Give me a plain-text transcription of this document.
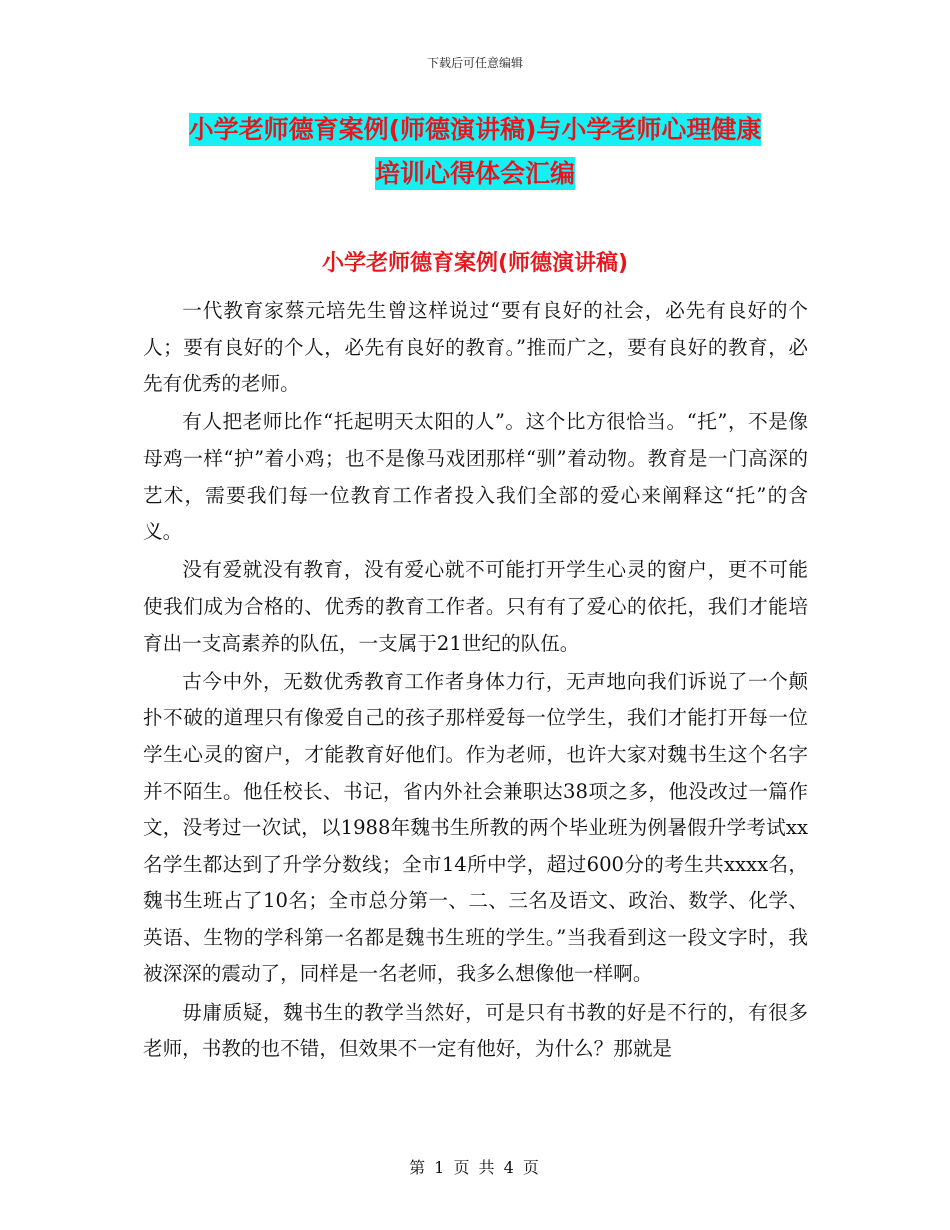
下载后可任意编辑
小学老师德育案例(师德演讲稿)与小学老师心理健康
培训心得体会汇编
小学老师德育案例(师德演讲稿)

一代教育家蔡元培先生曾这样说过“要有良好的社会，必先有良好的个人；要有良好的个人，必先有良好的教育。”推而广之，要有良好的教育，必先有优秀的老师。

有人把老师比作“托起明天太阳的人”。这个比方很恰当。“托”，不是像母鸡一样“护”着小鸡；也不是像马戏团那样“驯”着动物。教育是一门高深的艺术，需要我们每一位教育工作者投入我们全部的爱心来阐释这“托”的含义。

没有爱就没有教育，没有爱心就不可能打开学生心灵的窗户，更不可能使我们成为合格的、优秀的教育工作者。只有有了爱心的依托，我们才能培育出一支高素养的队伍，一支属于21世纪的队伍。

古今中外，无数优秀教育工作者身体力行，无声地向我们诉说了一个颠扑不破的道理只有像爱自己的孩子那样爱每一位学生，我们才能打开每一位学生心灵的窗户，才能教育好他们。作为老师，也许大家对魏书生这个名字并不陌生。他任校长、书记，省内外社会兼职达38项之多，他没改过一篇作文，没考过一次试，以1988年魏书生所教的两个毕业班为例暑假升学考试xx名学生都达到了升学分数线；全市14所中学，超过600分的考生共xxxx名，魏书生班占了10名；全市总分第一、二、三名及语文、政治、数学、化学、英语、生物的学科第一名都是魏书生班的学生。”当我看到这一段文字时，我被深深的震动了，同样是一名老师，我多么想像他一样啊。

毋庸质疑，魏书生的教学当然好，可是只有书教的好是不行的，有很多老师，书教的也不错，但效果不一定有他好，为什么？那就是

第 1 页 共 4 页
